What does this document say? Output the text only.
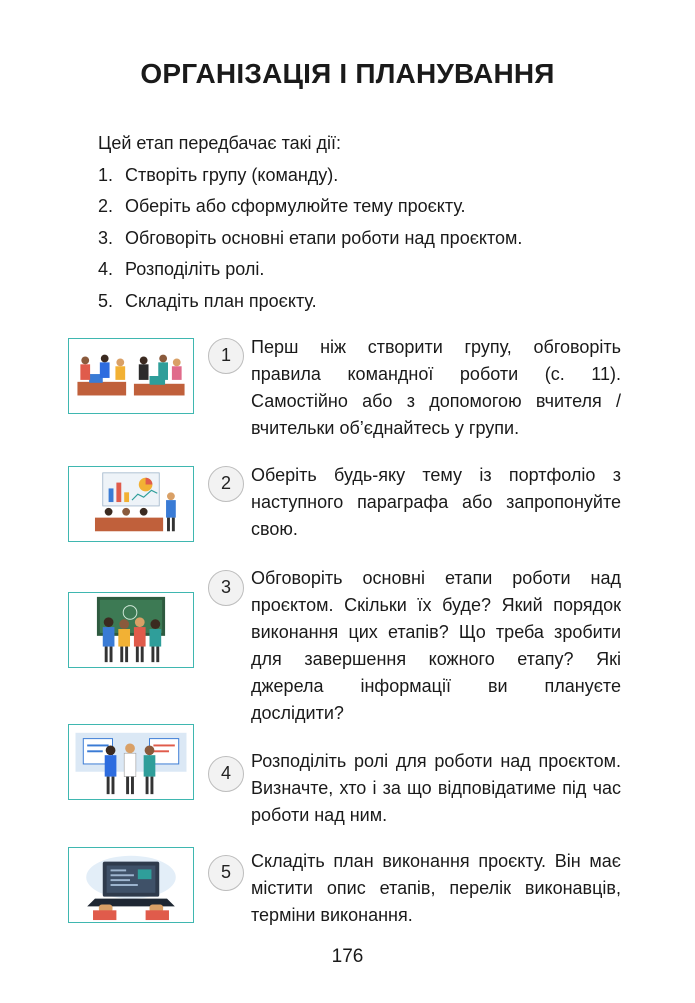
ОРГАНІЗАЦІЯ І ПЛАНУВАННЯ
Цей етап передбачає такі дії:
1. Створіть групу (команду).
2. Оберіть або сформулюйте тему проєкту.
3. Обговоріть основні етапи роботи над проєктом.
4. Розподіліть ролі.
5. Складіть план проєкту.
1	Перш ніж створити групу, обговоріть правила командної роботи (с. 11). Самостійно або з допомогою вчителя / вчительки об’єднайтесь у групи.
2	Оберіть будь-яку тему із портфоліо з наступного параграфа або запропонуйте свою.
3	Обговоріть основні етапи роботи над проєктом. Скільки їх буде? Який порядок виконання цих етапів? Що треба зробити для завершення кожного етапу? Які джерела інформації ви плануєте дослідити?
4
Розподіліть ролі для роботи над проєктом. Визначте, хто і за що відповідатиме під час роботи над ним.
5
Складіть план виконання проєкту. Він має містити опис етапів, перелік виконавців, терміни виконання.
176
